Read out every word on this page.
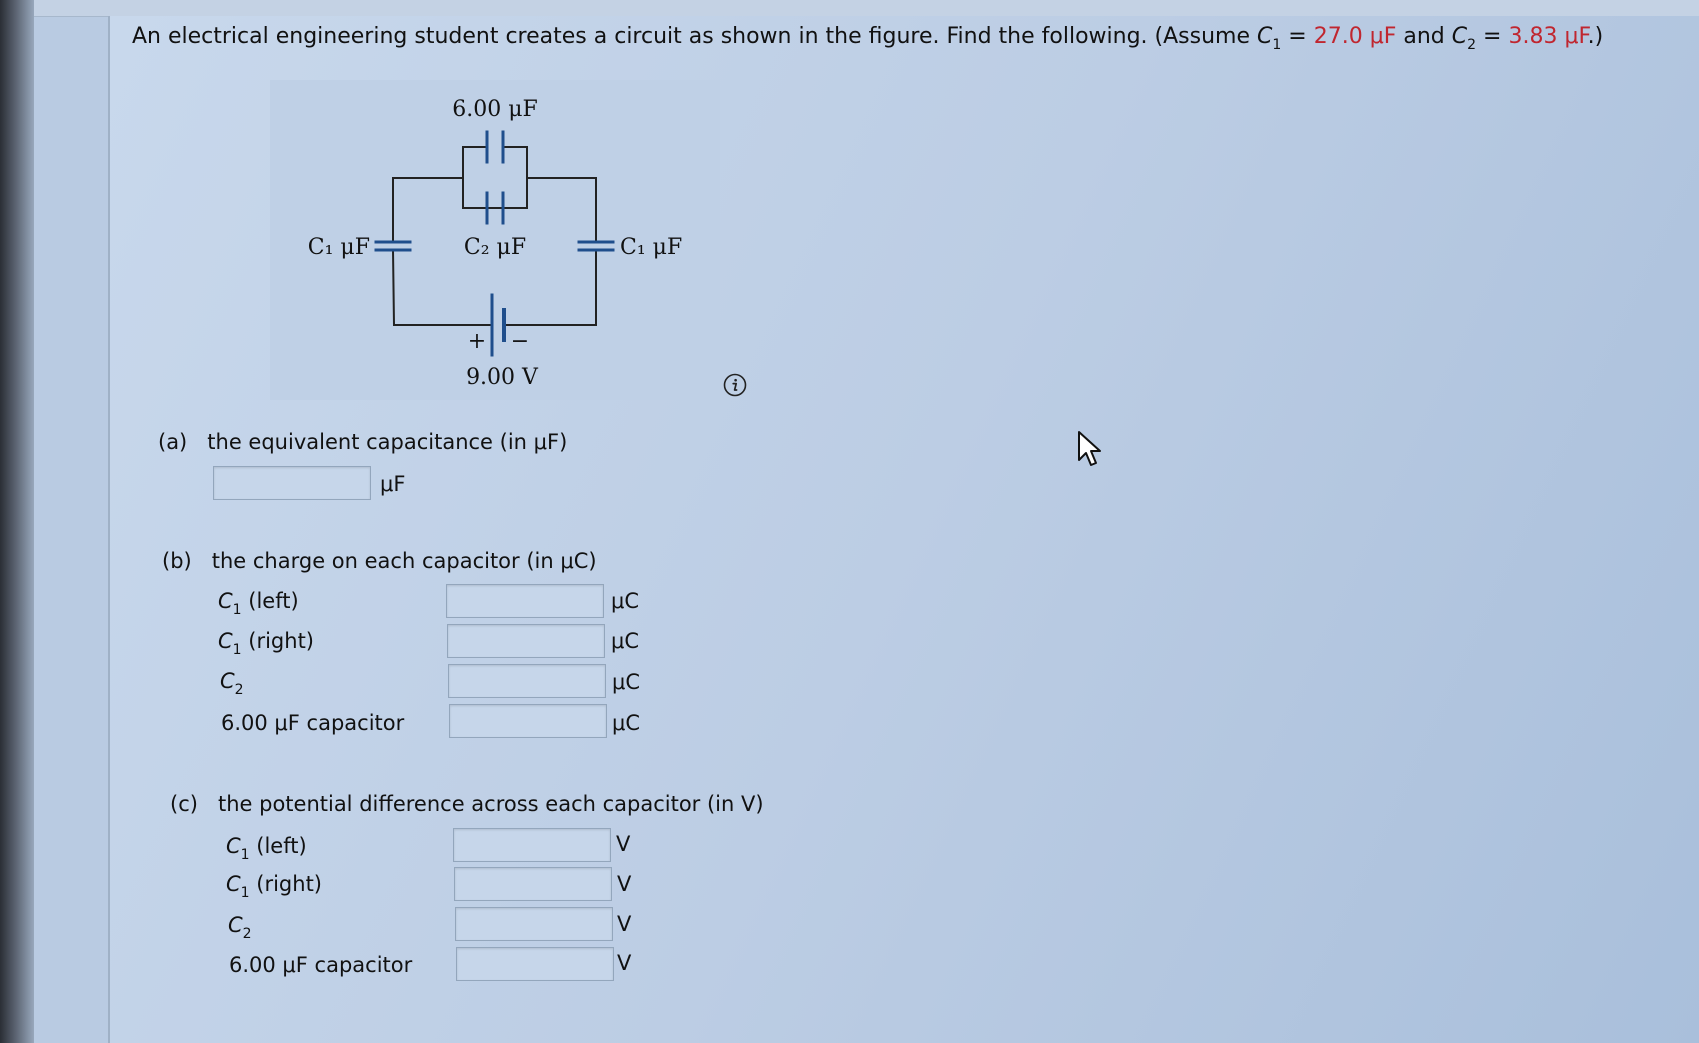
An electrical engineering student creates a circuit as shown in the figure. Find the following. (Assume $C_1 = 27.0$ μF and $C_2 = 3.83$ μF.)
6.00 μF
C₁ μF	C₂ μF	C₁ μF
+ −
9.00 V
(a) the equivalent capacitance (in μF)
μF
(b) the charge on each capacitor (in μC)
$C_1$ (left)	μC
$C_1$ (right)	μC
$C_2$	μC
6.00 μF capacitor	μC
(c) the potential difference across each capacitor (in V)
$C_1$ (left)	V
$C_1$ (right)	V
$C_2$	V
6.00 μF capacitor	V
